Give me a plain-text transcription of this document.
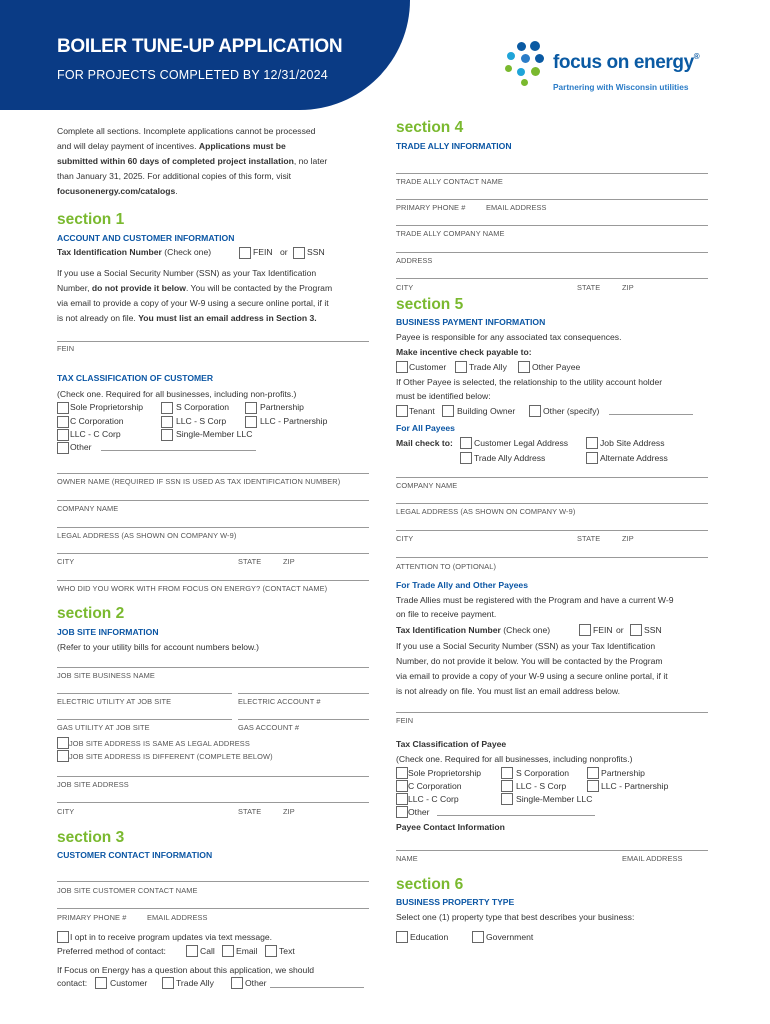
BOILER TUNE-UP APPLICATION
FOR PROJECTS COMPLETED BY 12/31/2024
focus on energy®
Partnering with Wisconsin utilities
Complete all sections. Incomplete applications cannot be processed
and will delay payment of incentives. Applications must be
submitted within 60 days of completed project installation, no later
than January 31, 2025. For additional copies of this form, visit
focusonenergy.com/catalogs.
section 1
ACCOUNT AND CUSTOMER INFORMATION
Tax Identification Number (Check one)	FEIN or SSN
If you use a Social Security Number (SSN) as your Tax Identification
Number, do not provide it below. You will be contacted by the Program
via email to provide a copy of your W-9 using a secure online portal, if it
is not already on file. You must list an email address in Section 3.
FEIN
TAX CLASSIFICATION OF CUSTOMER
(Check one. Required for all businesses, including non-profits.)
Sole Proprietorship	S Corporation	Partnership
C Corporation	LLC - S Corp	LLC - Partnership
LLC - C Corp	Single-Member LLC
Other
OWNER NAME (REQUIRED IF SSN IS USED AS TAX IDENTIFICATION NUMBER)
COMPANY NAME
LEGAL ADDRESS (AS SHOWN ON COMPANY W-9)
CITY	STATE	ZIP
WHO DID YOU WORK WITH FROM FOCUS ON ENERGY? (CONTACT NAME)
section 2
JOB SITE INFORMATION
(Refer to your utility bills for account numbers below.)
JOB SITE BUSINESS NAME
ELECTRIC UTILITY AT JOB SITE	ELECTRIC ACCOUNT #
GAS UTILITY AT JOB SITE	GAS ACCOUNT #
JOB SITE ADDRESS IS SAME AS LEGAL ADDRESS
JOB SITE ADDRESS IS DIFFERENT (COMPLETE BELOW)
JOB SITE ADDRESS
CITY	STATE	ZIP
section 3
CUSTOMER CONTACT INFORMATION
JOB SITE CUSTOMER CONTACT NAME
PRIMARY PHONE #	EMAIL ADDRESS
I opt in to receive program updates via text message.
Preferred method of contact:	Call Email	Text
If Focus on Energy has a question about this application, we should
contact:	Customer	Trade Ally	Other
section 4
TRADE ALLY INFORMATION
TRADE ALLY CONTACT NAME
PRIMARY PHONE #	EMAIL ADDRESS
TRADE ALLY COMPANY NAME
ADDRESS
CITY	STATE	ZIP
section 5
BUSINESS PAYMENT INFORMATION
Payee is responsible for any associated tax consequences.
Make incentive check payable to:
Customer	Trade Ally	Other Payee
If Other Payee is selected, the relationship to the utility account holder
must be identified below:
Tenant	Building Owner	Other (specify)
For All Payees
Mail check to: Customer Legal Address	Job Site Address
Trade Ally Address	Alternate Address
COMPANY NAME
LEGAL ADDRESS (AS SHOWN ON COMPANY W-9)
CITY	STATE	ZIP
ATTENTION TO (OPTIONAL)
For Trade Ally and Other Payees
Trade Allies must be registered with the Program and have a current W-9
on file to receive payment.
Tax Identification Number (Check one)	FEIN or SSN
If you use a Social Security Number (SSN) as your Tax Identification
Number, do not provide it below. You will be contacted by the Program
via email to provide a copy of your W-9 using a secure online portal, if it
is not already on file. You must list an email address below.
FEIN
Tax Classification of Payee
(Check one. Required for all businesses, including nonprofits.)
Sole Proprietorship	S Corporation	Partnership
C Corporation	LLC - S Corp	LLC - Partnership
LLC - C Corp	Single-Member LLC
Other
Payee Contact Information
NAME	EMAIL ADDRESS
section 6
BUSINESS PROPERTY TYPE
Select one (1) property type that best describes your business:
Education	Government
